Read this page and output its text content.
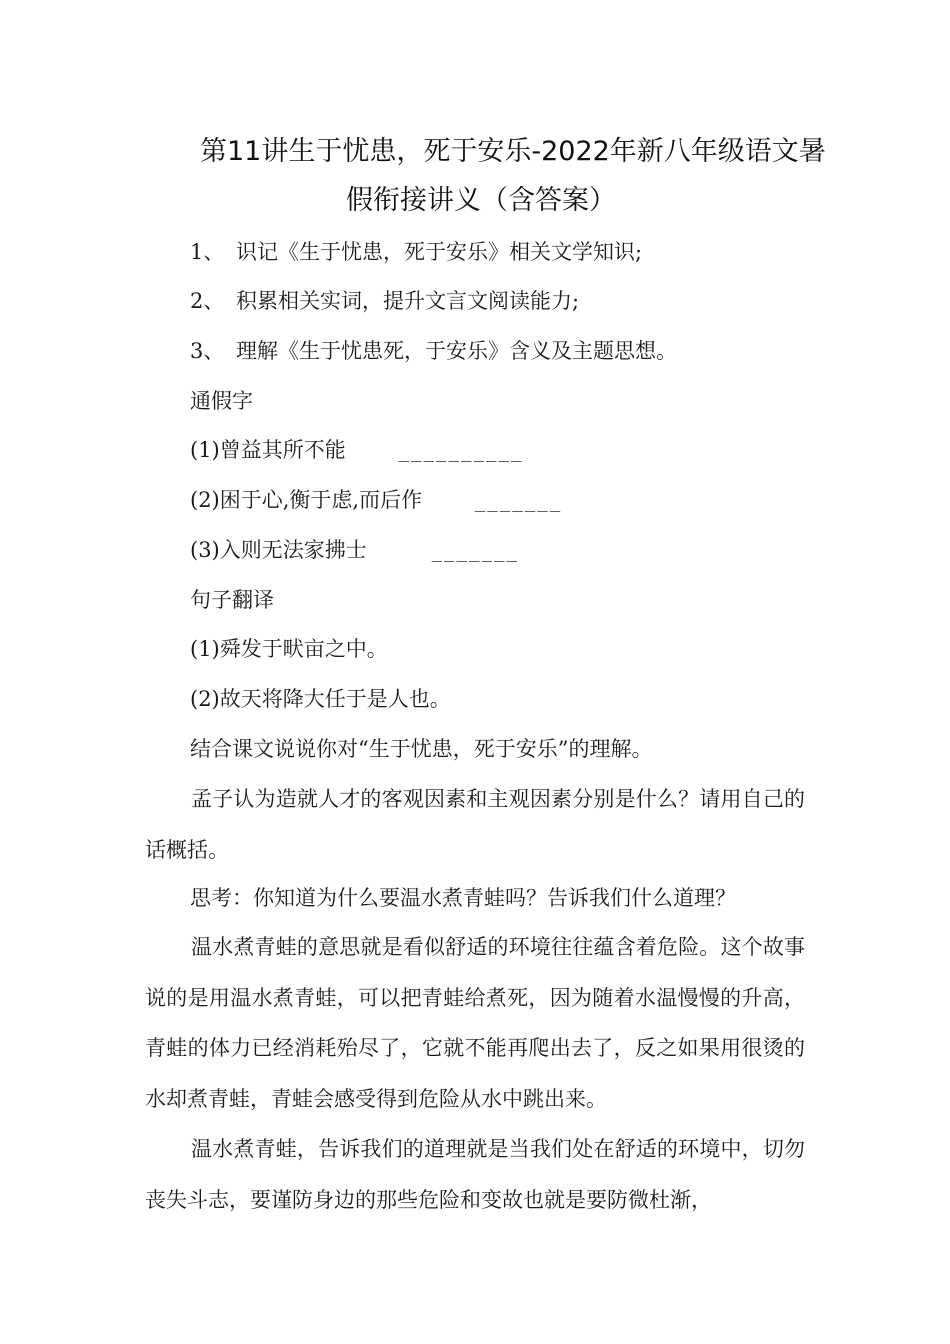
第11讲生于忧患，死于安乐-2022年新八年级语文暑
假衔接讲义（含答案）
1、 识记《生于忧患，死于安乐》相关文学知识;
2、 积累相关实词，提升文言文阅读能力;
3、 理解《生于忧患死，于安乐》含义及主题思想。
通假字
(1)曾益其所不能	__________
(2)困于心,衡于虑,而后作	_______
(3)入则无法家拂士	_______
句子翻译
(1)舜发于畎亩之中。
(2)故天将降大任于是人也。
结合课文说说你对“生于忧患，死于安乐”的理解。
孟子认为造就人才的客观因素和主观因素分别是什么？请用自己的话概括。
思考：你知道为什么要温水煮青蛙吗？告诉我们什么道理？
温水煮青蛙的意思就是看似舒适的环境往往蕴含着危险。这个故事说的是用温水煮青蛙，可以把青蛙给煮死，因为随着水温慢慢的升高，青蛙的体力已经消耗殆尽了，它就不能再爬出去了，反之如果用很烫的水却煮青蛙，青蛙会感受得到危险从水中跳出来。
温水煮青蛙，告诉我们的道理就是当我们处在舒适的环境中，切勿丧失斗志，要谨防身边的那些危险和变故也就是要防微杜渐，
